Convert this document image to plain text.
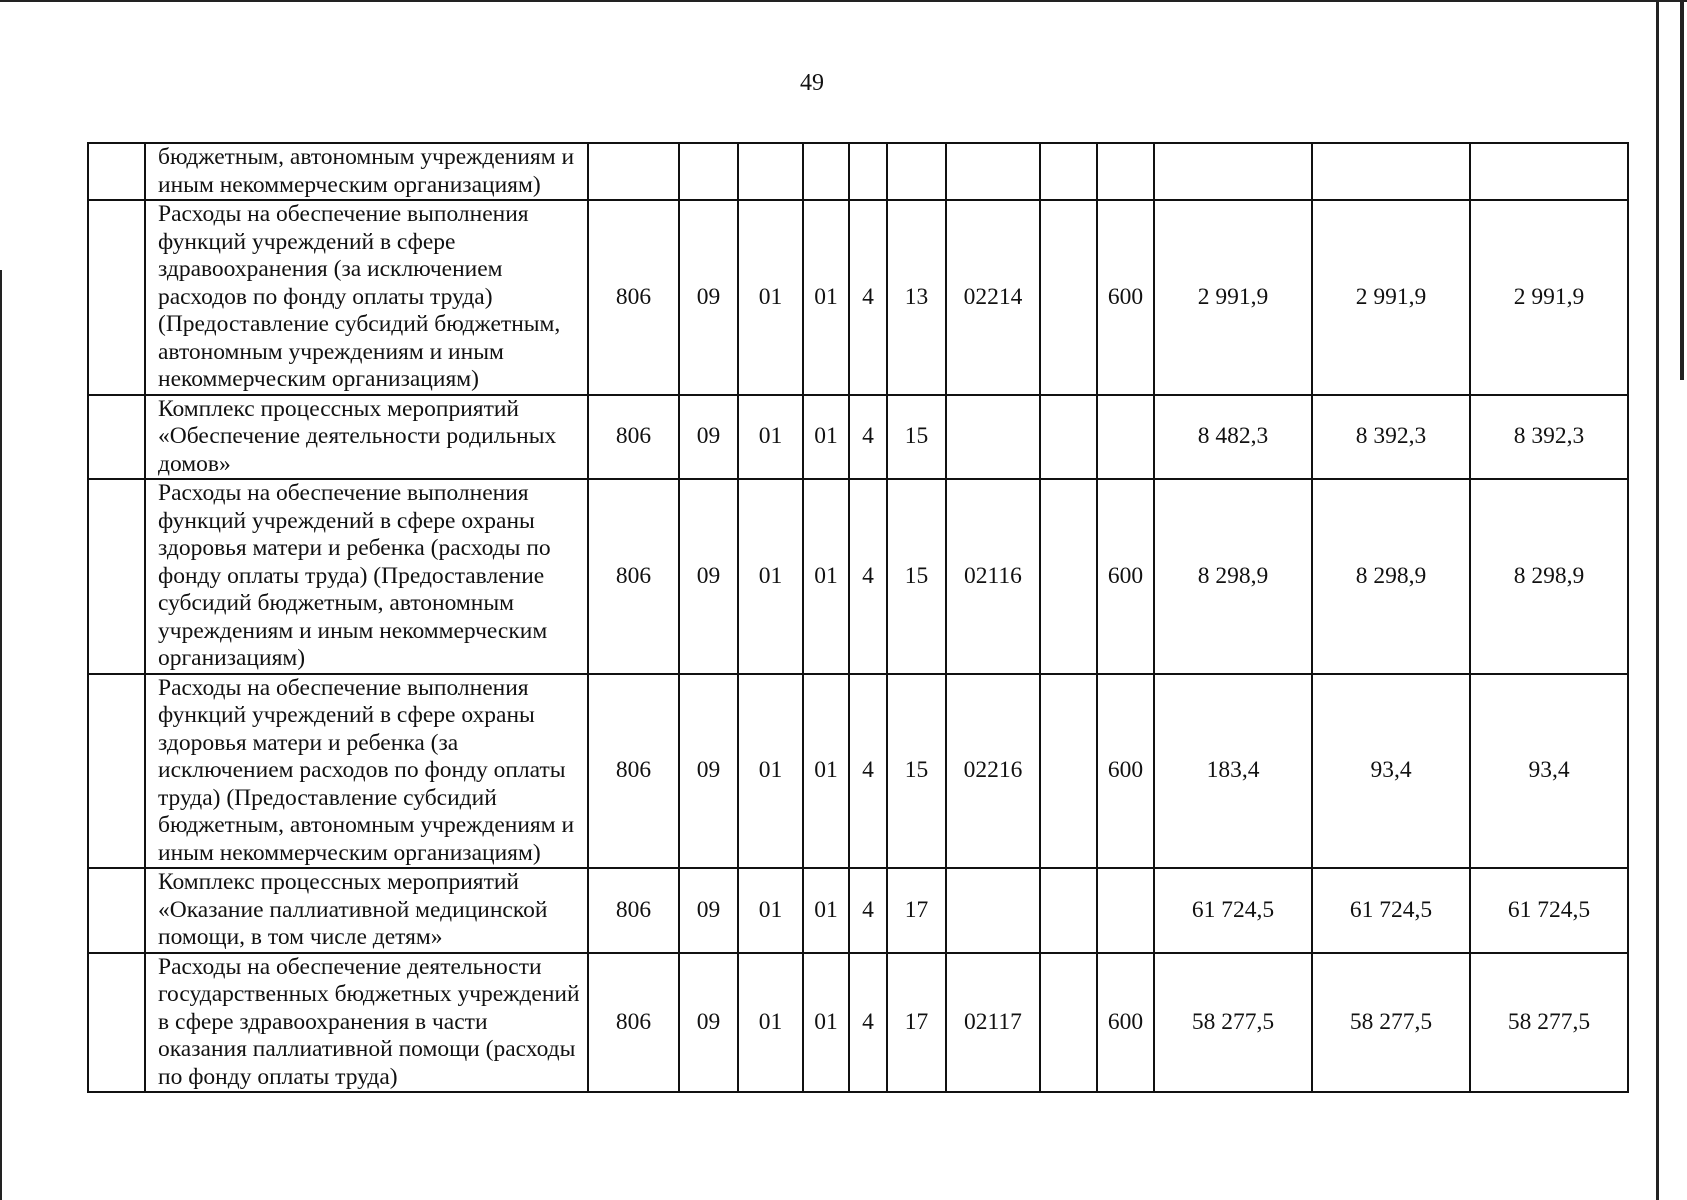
49
	бюджетным, автономным учреждениям и иным некоммерческим организациям)												
	Расходы на обеспечение выполнения функций учреждений в сфере здравоохранения (за исключением расходов по фонду оплаты труда) (Предоставление субсидий бюджетным, автономным учреждениям и иным некоммерческим организациям)	806	09	01	01	4	13	02214		600	2 991,9	2 991,9	2 991,9
	Комплекс процессных мероприятий «Обеспечение деятельности родильных домов»	806	09	01	01	4	15				8 482,3	8 392,3	8 392,3
	Расходы на обеспечение выполнения функций учреждений в сфере охраны здоровья матери и ребенка (расходы по фонду оплаты труда) (Предоставление субсидий бюджетным, автономным учреждениям и иным некоммерческим организациям)	806	09	01	01	4	15	02116		600	8 298,9	8 298,9	8 298,9
	Расходы на обеспечение выполнения функций учреждений в сфере охраны здоровья матери и ребенка (за исключением расходов по фонду оплаты труда) (Предоставление субсидий бюджетным, автономным учреждениям и иным некоммерческим организациям)	806	09	01	01	4	15	02216		600	183,4	93,4	93,4
	Комплекс процессных мероприятий «Оказание паллиативной медицинской помощи, в том числе детям»	806	09	01	01	4	17				61 724,5	61 724,5	61 724,5
	Расходы на обеспечение деятельности государственных бюджетных учреждений в сфере здравоохранения в части оказания паллиативной помощи (расходы по фонду оплаты труда)	806	09	01	01	4	17	02117		600	58 277,5	58 277,5	58 277,5
